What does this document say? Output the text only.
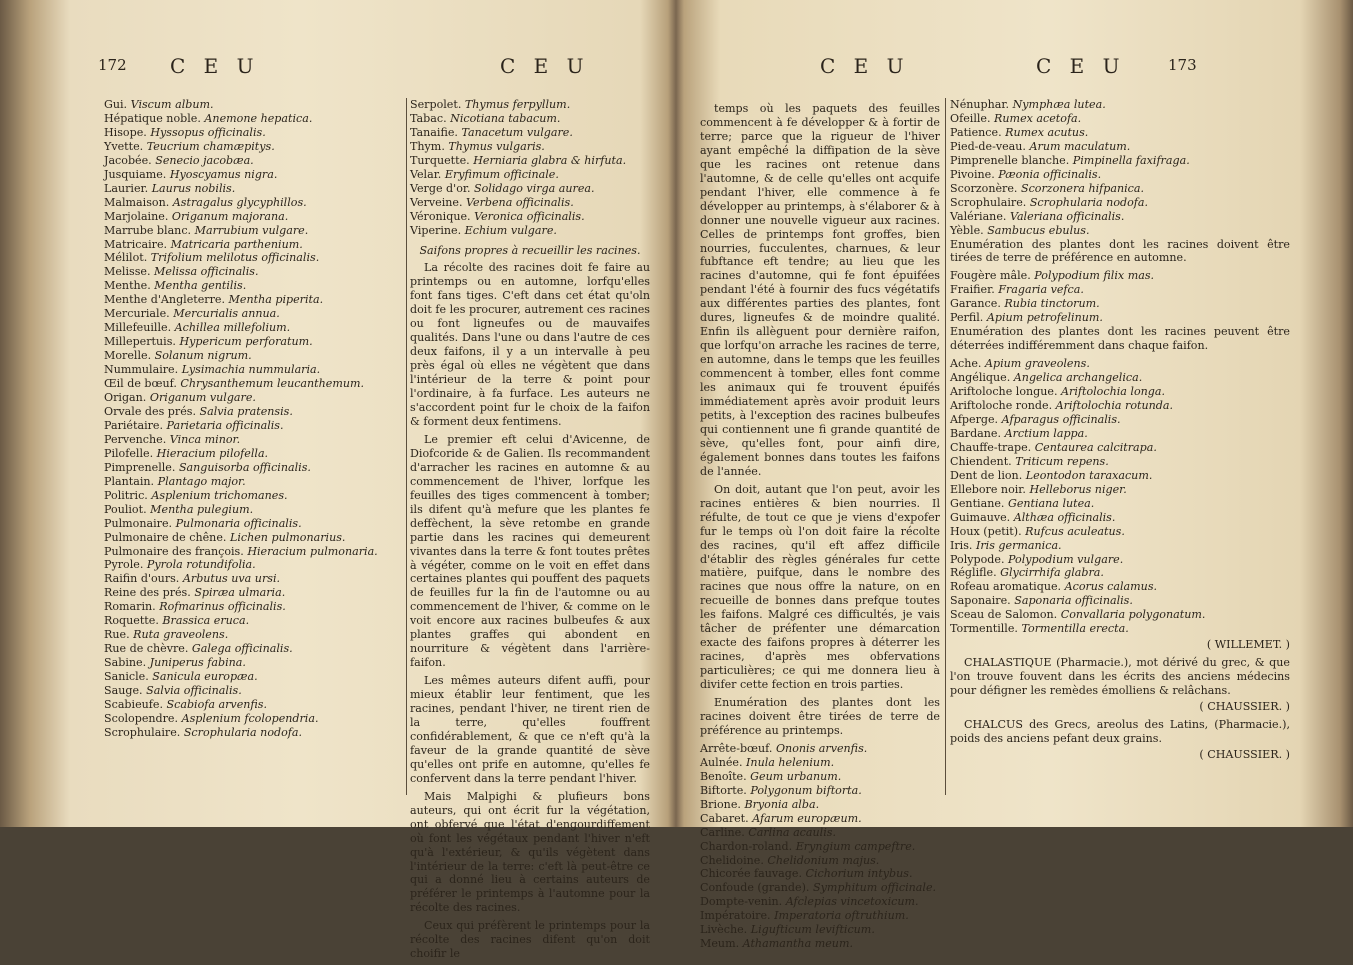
172 C E U	C E U
Gui. Viscum album.
Hépatique noble. Anemone hepatica.
Hisope. Hyssopus officinalis.
Yvette. Teucrium chamæpitys.
Jacobée. Senecio jacobæa.
Jusquiame. Hyoscyamus nigra.
Laurier. Laurus nobilis.
Malmaison. Astragalus glycyphillos.
Marjolaine. Origanum majorana.
Marrube blanc. Marrubium vulgare.
Matricaire. Matricaria parthenium.
Mélilot. Trifolium melilotus officinalis.
Melisse. Melissa officinalis.
Menthe. Mentha gentilis.
Menthe d'Angleterre. Mentha piperita.
Mercuriale. Mercurialis annua.
Millefeuille. Achillea millefolium.
Millepertuis. Hypericum perforatum.
Morelle. Solanum nigrum.
Nummulaire. Lysimachia nummularia.
Œil de bœuf. Chrysanthemum leucanthemum.
Origan. Origanum vulgare.
Orvale des prés. Salvia pratensis.
Pariétaire. Parietaria officinalis.
Pervenche. Vinca minor.
Pilofelle. Hieracium pilofella.
Pimprenelle. Sanguisorba officinalis.
Plantain. Plantago major.
Politric. Asplenium trichomanes.
Pouliot. Mentha pulegium.
Pulmonaire. Pulmonaria officinalis.
Pulmonaire de chêne. Lichen pulmonarius.
Pulmonaire des françois. Hieracium pulmonaria.
Pyrole. Pyrola rotundifolia.
Raifin d'ours. Arbutus uva ursi.
Reine des prés. Spiræa ulmaria.
Romarin. Rofmarinus officinalis.
Roquette. Brassica eruca.
Rue. Ruta graveolens.
Rue de chèvre. Galega officinalis.
Sabine. Juniperus fabina.
Sanicle. Sanicula europæa.
Sauge. Salvia officinalis.
Scabieufe. Scabiofa arvenfis.
Scolopendre. Asplenium fcolopendria.
Scrophulaire. Scrophularia nodofa.
Serpolet. Thymus ferpyllum.
Tabac. Nicotiana tabacum.
Tanaifie. Tanacetum vulgare.
Thym. Thymus vulgaris.
Turquette. Herniaria glabra & hirfuta.
Velar. Eryfimum officinale.
Verge d'or. Solidago virga aurea.
Verveine. Verbena officinalis.
Véronique. Veronica officinalis.
Viperine. Echium vulgare.
Saifons propres à recueillir les racines.
La récolte des racines doit fe faire au printemps ou en automne, lorfqu'elles font fans tiges. C'eft dans cet état qu'oln doit fe les procurer, autrement ces racines ou font ligneufes ou de mauvaifes qualités. Dans l'une ou dans l'autre de ces deux faifons, il y a un intervalle à peu près égal où elles ne végètent que dans l'intérieur de la terre & point pour l'ordinaire, à fa furface. Les auteurs ne s'accordent point fur le choix de la faifon & forment deux fentimens.
Le premier eft celui d'Avicenne, de Diofcoride & de Galien. Ils recommandent d'arracher les racines en automne & au commencement de l'hiver, lorfque les feuilles des tiges commencent à tomber; ils difent qu'à mefure que les plantes fe deffèchent, la sève retombe en grande partie dans les racines qui demeurent vivantes dans la terre & font toutes prêtes à végéter, comme on le voit en effet dans certaines plantes qui pouffent des paquets de feuilles fur la fin de l'automne ou au commencement de l'hiver, & comme on le voit encore aux racines bulbeufes & aux plantes graffes qui abondent en nourriture & végètent dans l'arrière-faifon.
Les mêmes auteurs difent auffi, pour mieux établir leur fentiment, que les racines, pendant l'hiver, ne tirent rien de la terre, qu'elles fouffrent confidérablement, & que ce n'eft qu'à la faveur de la grande quantité de sève qu'elles ont prife en automne, qu'elles fe confervent dans la terre pendant l'hiver.
Mais Malpighi & plufieurs bons auteurs, qui ont écrit fur la végétation, ont obfervé que l'état d'engourdiffement où font les végétaux pendant l'hiver n'eft qu'à l'extérieur, & qu'ils végètent dans l'intérieur de la terre: c'eft là peut-être ce qui a donné lieu à certains auteurs de préférer le printemps à l'automne pour la récolte des racines.
Ceux qui préfèrent le printemps pour la récolte des racines difent qu'on doit choifir le
C E U	C E U	173
temps où les paquets des feuilles commencent à fe développer & à fortir de terre; parce que la rigueur de l'hiver ayant empêché la diffipation de la sève que les racines ont retenue dans l'automne, & de celle qu'elles ont acquife pendant l'hiver, elle commence à fe développer au printemps, à s'élaborer & à donner une nouvelle vigueur aux racines. Celles de printemps font groffes, bien nourries, fucculentes, charnues, & leur fubftance eft tendre; au lieu que les racines d'automne, qui fe font épuifées pendant l'été à fournir des fucs végétatifs aux différentes parties des plantes, font dures, ligneufes & de moindre qualité. Enfin ils allèguent pour dernière raifon, que lorfqu'on arrache les racines de terre, en automne, dans le temps que les feuilles commencent à tomber, elles font comme les animaux qui fe trouvent épuifés immédiatement après avoir produit leurs petits, à l'exception des racines bulbeufes qui contiennent une fi grande quantité de sève, qu'elles font, pour ainfi dire, également bonnes dans toutes les faifons de l'année.
On doit, autant que l'on peut, avoir les racines entières & bien nourries. Il réfulte, de tout ce que je viens d'expofer fur le temps où l'on doit faire la récolte des racines, qu'il eft affez difficile d'établir des règles générales fur cette matière, puifque, dans le nombre des racines que nous offre la nature, on en recueille de bonnes dans prefque toutes les faifons. Malgré ces difficultés, je vais tâcher de préfenter une démarcation exacte des faifons propres à déterrer les racines, d'après mes obfervations particulières; ce qui me donnera lieu à divifer cette fection en trois parties.
Enumération des plantes dont les racines doivent être tirées de terre de préférence au printemps.
Arrête-bœuf. Ononis arvenfis.
Aulnée. Inula helenium.
Benoîte. Geum urbanum.
Biftorte. Polygonum biftorta.
Brione. Bryonia alba.
Cabaret. Afarum europæum.
Carline. Carlina acaulis.
Chardon-roland. Eryngium campeftre.
Chelidoine. Chelidonium majus.
Chicorée fauvage. Cichorium intybus.
Confoude (grande). Symphitum officinale.
Dompte-venin. Afclepias vincetoxicum.
Impératoire. Imperatoria oftruthium.
Livèche. Ligufticum levifticum.
Meum. Athamantha meum.
Nénuphar. Nymphæa lutea.
Ofeille. Rumex acetofa.
Patience. Rumex acutus.
Pied-de-veau. Arum maculatum.
Pimprenelle blanche. Pimpinella faxifraga.
Pivoine. Pæonia officinalis.
Scorzonère. Scorzonera hifpanica.
Scrophulaire. Scrophularia nodofa.
Valériane. Valeriana officinalis.
Yèble. Sambucus ebulus.
Enumération des plantes dont les racines doivent être tirées de terre de préférence en automne.
Fougère mâle. Polypodium filix mas.
Fraifier. Fragaria vefca.
Garance. Rubia tinctorum.
Perfil. Apium petrofelinum.
Enumération des plantes dont les racines peuvent être déterrées indifféremment dans chaque faifon.
Ache. Apium graveolens.
Angélique. Angelica archangelica.
Ariftoloche longue. Ariftolochia longa.
Ariftoloche ronde. Ariftolochia rotunda.
Afperge. Afparagus officinalis.
Bardane. Arctium lappa.
Chauffe-trape. Centaurea calcitrapa.
Chiendent. Triticum repens.
Dent de lion. Leontodon taraxacum.
Ellebore noir. Helleborus niger.
Gentiane. Gentiana lutea.
Guimauve. Althæa officinalis.
Houx (petit). Rufcus aculeatus.
Iris. Iris germanica.
Polypode. Polypodium vulgare.
Réglifle. Glycirrhifa glabra.
Rofeau aromatique. Acorus calamus.
Saponaire. Saponaria officinalis.
Sceau de Salomon. Convallaria polygonatum.
Tormentille. Tormentilla erecta.
( WILLEMET. )
CHALASTIQUE (Pharmacie.), mot dérivé du grec, & que l'on trouve fouvent dans les écrits des anciens médecins pour défigner les remèdes émolliens & relâchans.
( CHAUSSIER. )
CHALCUS des Grecs, areolus des Latins, (Pharmacie.), poids des anciens pefant deux grains.
( CHAUSSIER. )
